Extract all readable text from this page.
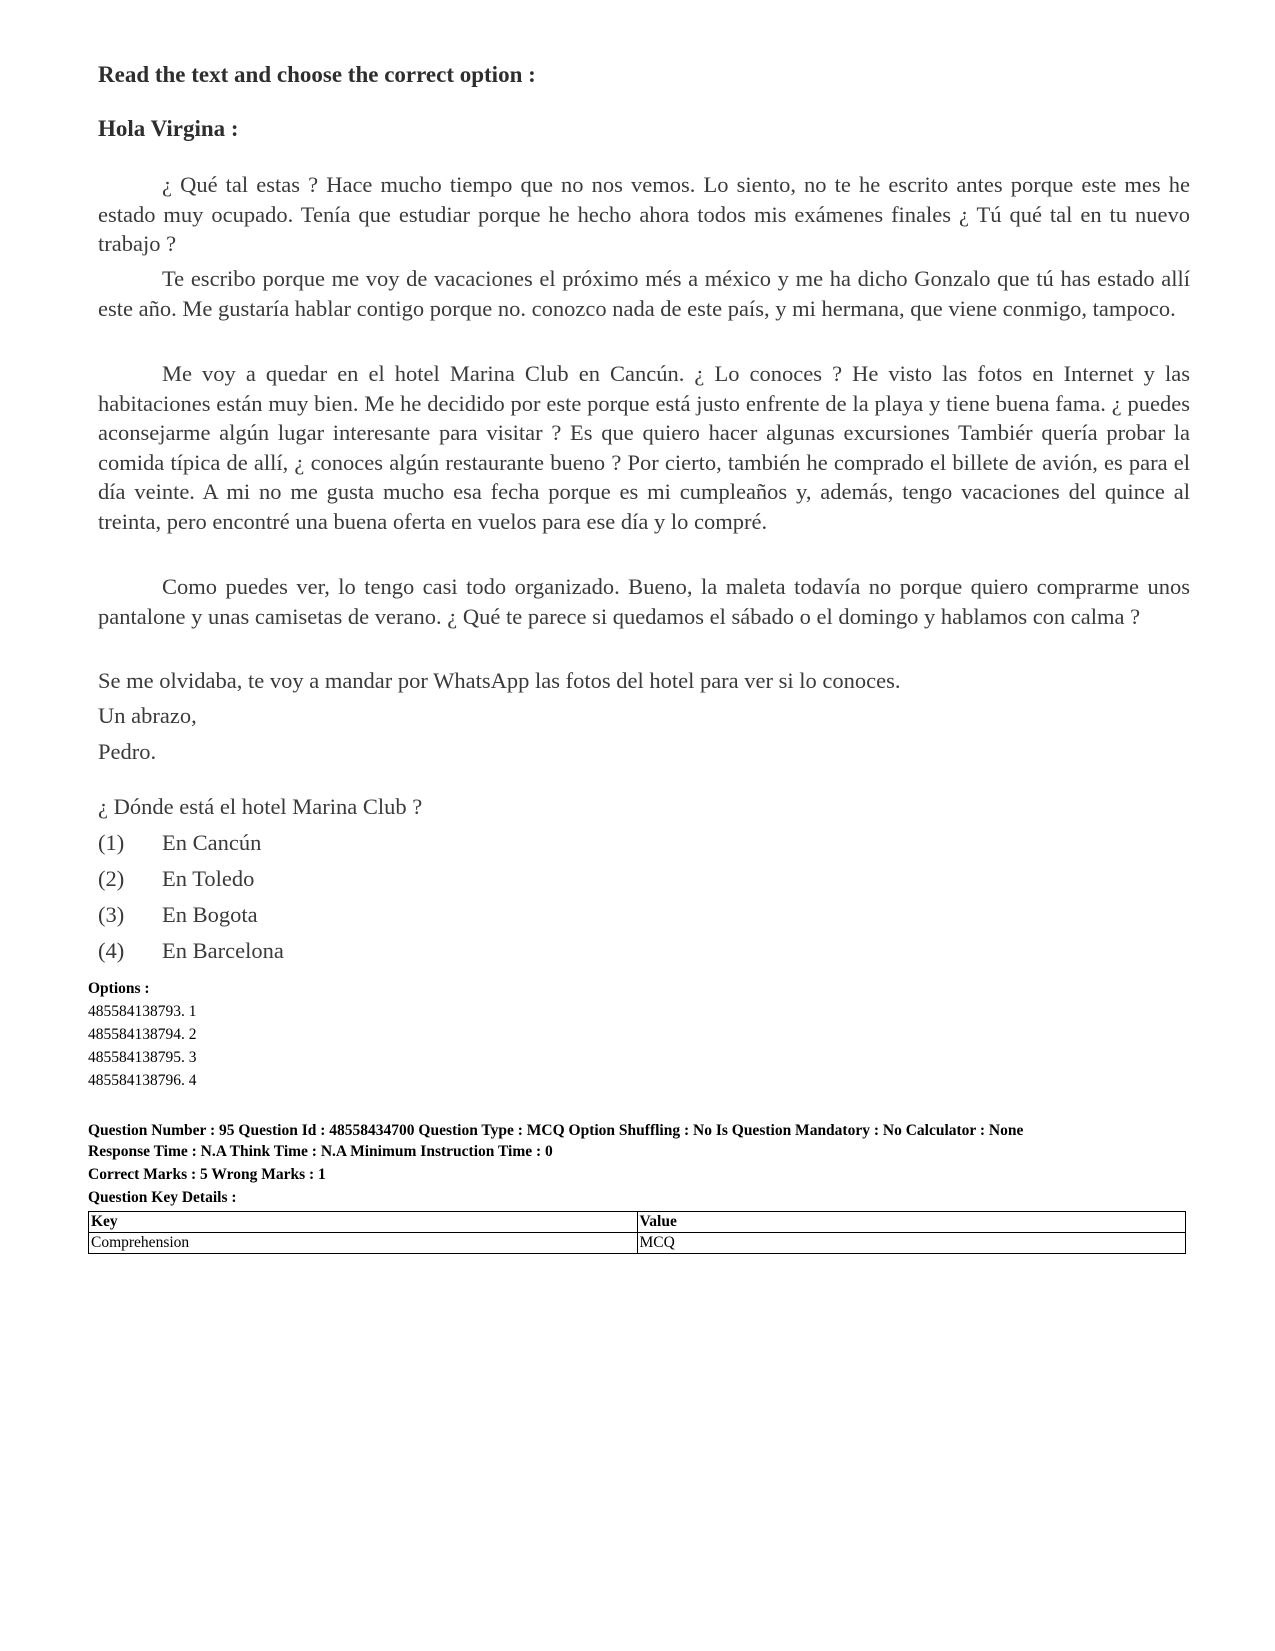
Read the text and choose the correct option :
Hola Virgina :

¿ Qué tal estas ? Hace mucho tiempo que no nos vemos. Lo siento, no te he escrito antes porque este mes he estado muy ocupado. Tenía que estudiar porque he hecho ahora todos mis exámenes finales ¿ Tú qué tal en tu nuevo trabajo ?

Te escribo porque me voy de vacaciones el próximo més a méxico y me ha dicho Gonzalo que tú has estado allí este año. Me gustaría hablar contigo porque no. conozco nada de este país, y mi hermana, que viene conmigo, tampoco.

Me voy a quedar en el hotel Marina Club en Cancún. ¿ Lo conoces ? He visto las fotos en Internet y las habitaciones están muy bien. Me he decidido por este porque está justo enfrente de la playa y tiene buena fama. ¿ puedes aconsejarme algún lugar interesante para visitar ? Es que quiero hacer algunas excursiones Tambiér quería probar la comida típica de allí, ¿ conoces algún restaurante bueno ? Por cierto, también he comprado el billete de avión, es para el día veinte. A mi no me gusta mucho esa fecha porque es mi cumpleaños y, además, tengo vacaciones del quince al treinta, pero encontré una buena oferta en vuelos para ese día y lo compré.

Como puedes ver, lo tengo casi todo organizado. Bueno, la maleta todavía no porque quiero comprarme unos pantalone y unas camisetas de verano. ¿ Qué te parece si quedamos el sábado o el domingo y hablamos con calma ?

Se me olvidaba, te voy a mandar por WhatsApp las fotos del hotel para ver si lo conoces.
Un abrazo,
Pedro.
¿ Dónde está el hotel Marina Club ?
(1) En Cancún
(2) En Toledo
(3) En Bogota
(4) En Barcelona
Options :
485584138793. 1
485584138794. 2
485584138795. 3
485584138796. 4
Question Number : 95 Question Id : 48558434700 Question Type : MCQ Option Shuffling : No Is Question Mandatory : No Calculator : None
Response Time : N.A Think Time : N.A Minimum Instruction Time : 0
Correct Marks : 5 Wrong Marks : 1
Question Key Details :
Key	Value
Comprehension	MCQ
